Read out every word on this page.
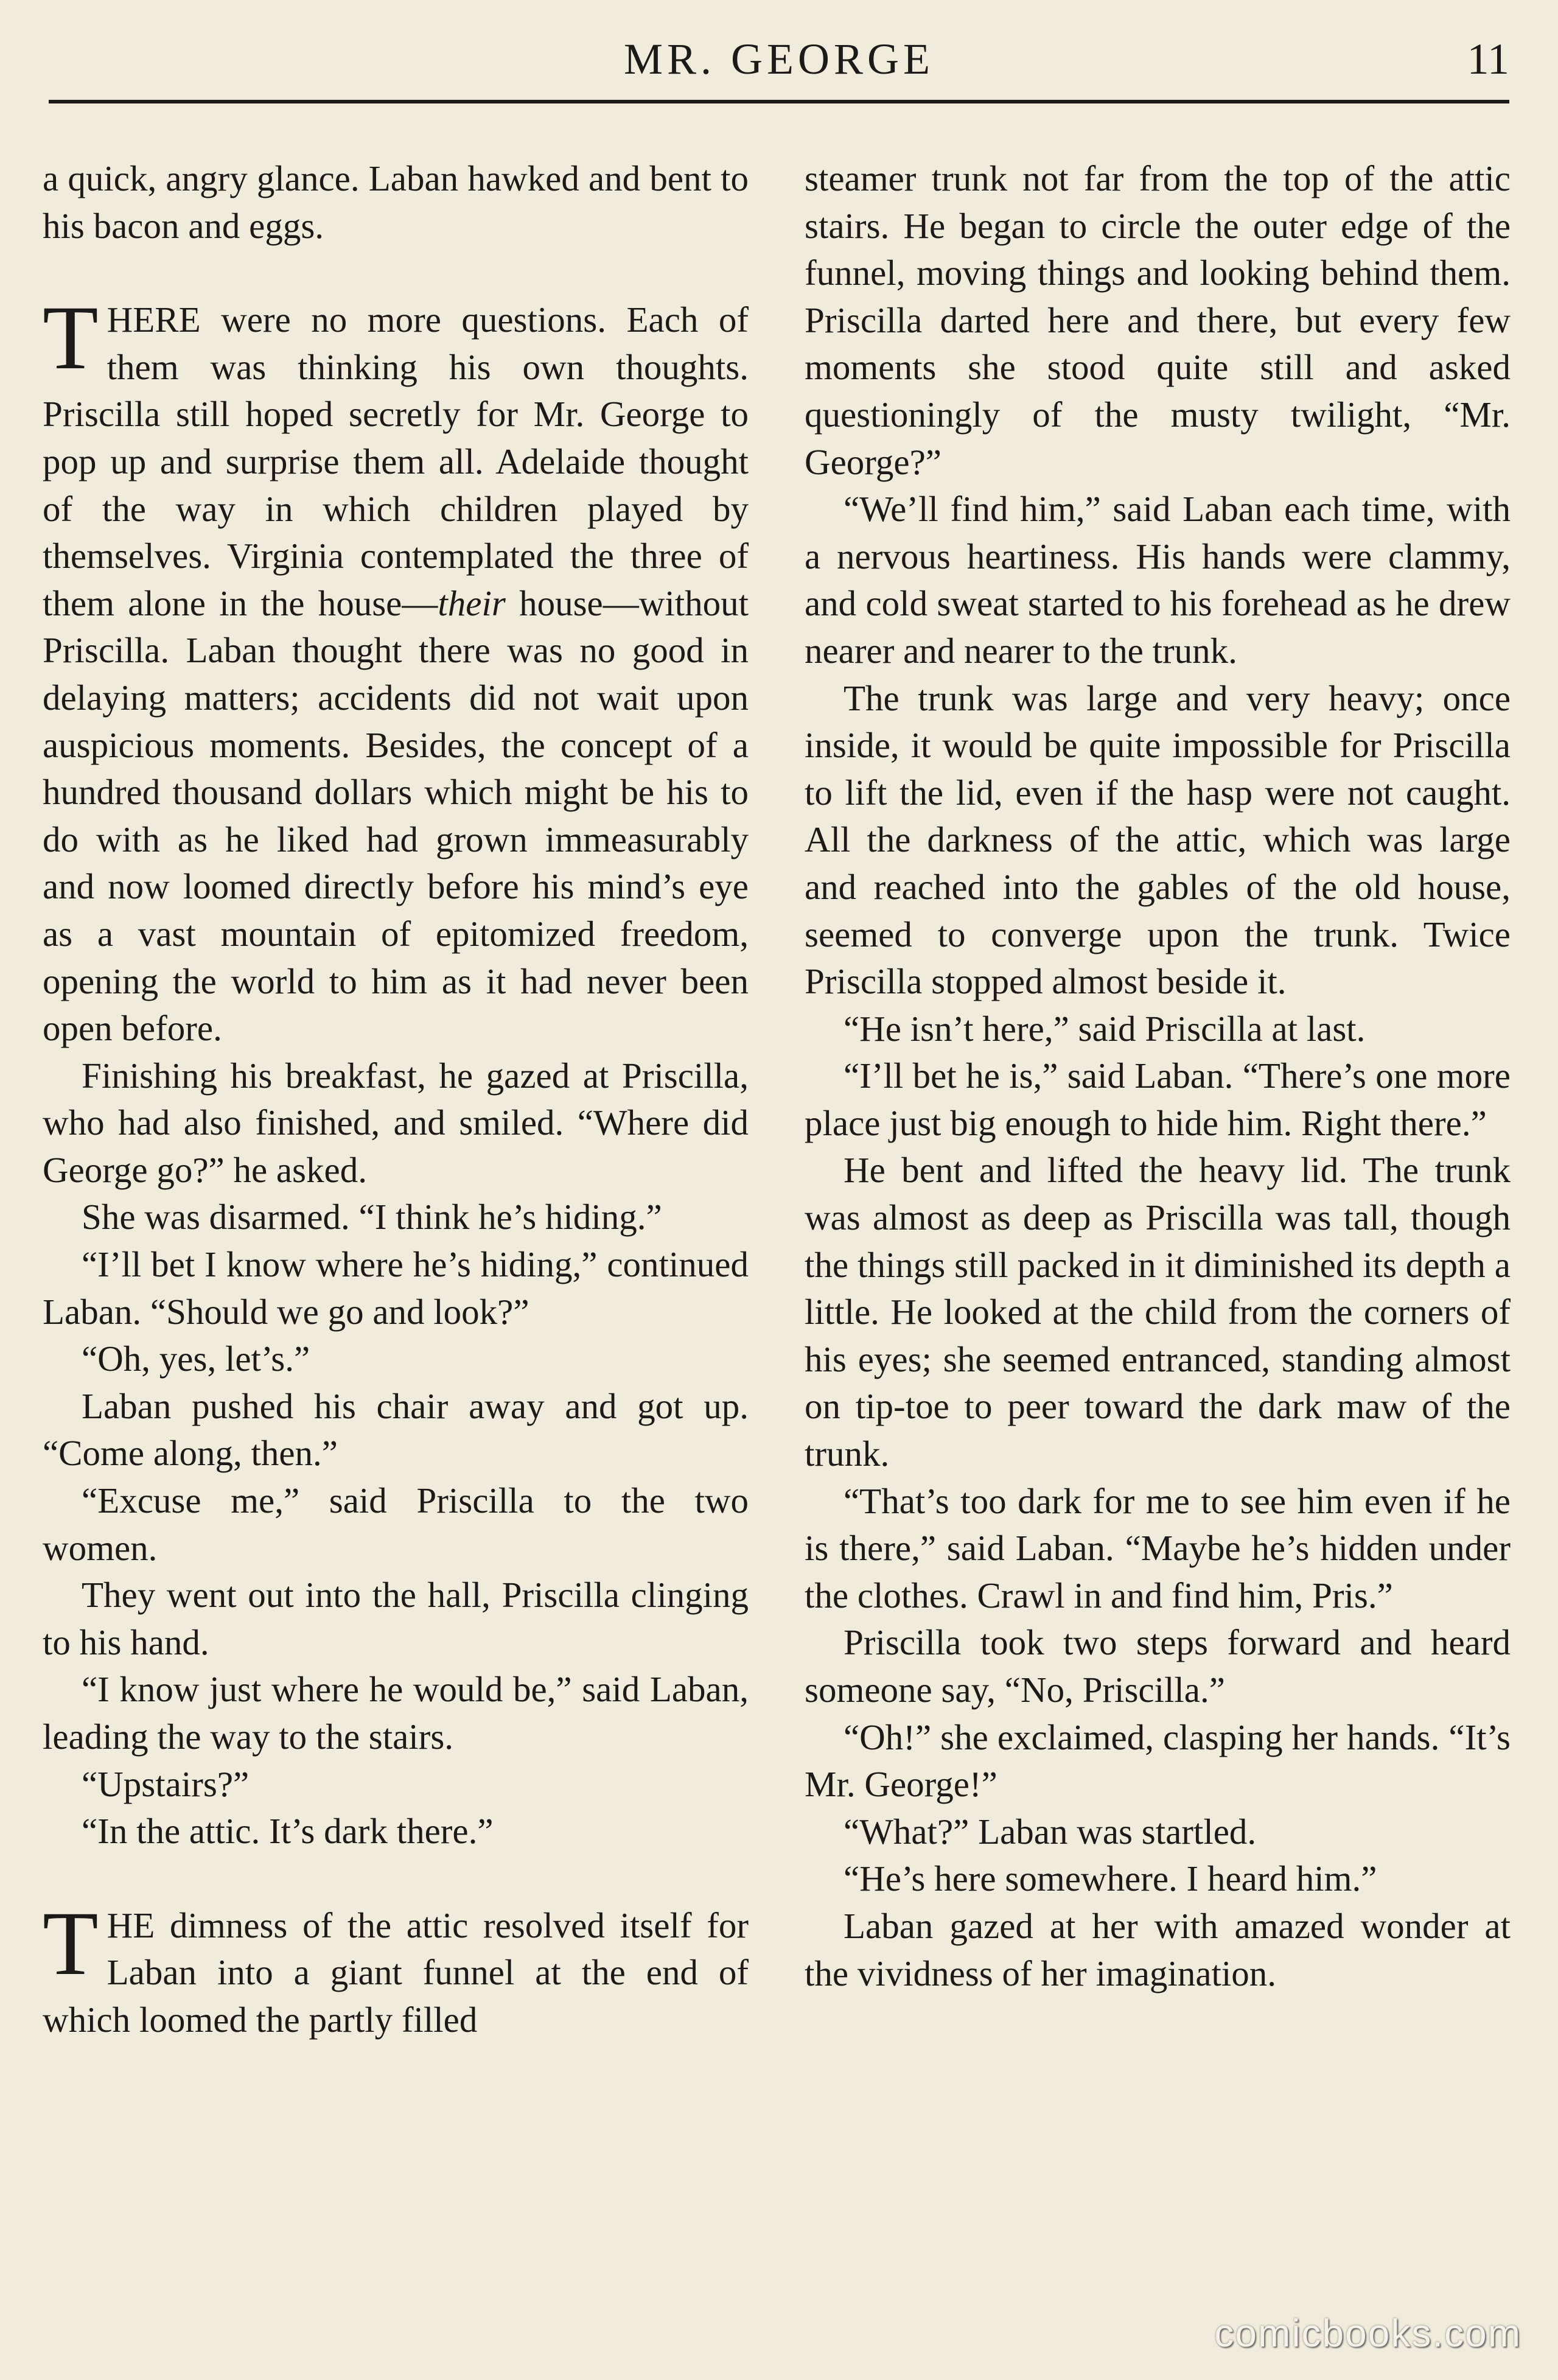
MR. GEORGE	11

a quick, angry glance. Laban hawked and bent to his bacon and eggs.

THERE were no more questions. Each of them was thinking his own thoughts. Priscilla still hoped secretly for Mr. George to pop up and surprise them all. Adelaide thought of the way in which children played by themselves. Virginia contemplated the three of them alone in the house—their house—without Priscilla. Laban thought there was no good in delaying matters; accidents did not wait upon auspicious moments. Besides, the concept of a hundred thousand dollars which might be his to do with as he liked had grown immeasurably and now loomed directly before his mind’s eye as a vast mountain of epitomized freedom, opening the world to him as it had never been open before.

Finishing his breakfast, he gazed at Priscilla, who had also finished, and smiled. “Where did George go?” he asked.

She was disarmed. “I think he’s hiding.”

“I’ll bet I know where he’s hiding,” continued Laban. “Should we go and look?”

“Oh, yes, let’s.”

Laban pushed his chair away and got up. “Come along, then.”

“Excuse me,” said Priscilla to the two women.

They went out into the hall, Priscilla clinging to his hand.

“I know just where he would be,” said Laban, leading the way to the stairs.

“Upstairs?”

“In the attic. It’s dark there.”

THE dimness of the attic resolved itself for Laban into a giant funnel at the end of which loomed the partly filled

steamer trunk not far from the top of the attic stairs. He began to circle the outer edge of the funnel, moving things and looking behind them. Priscilla darted here and there, but every few moments she stood quite still and asked questioningly of the musty twilight, “Mr. George?”

“We’ll find him,” said Laban each time, with a nervous heartiness. His hands were clammy, and cold sweat started to his forehead as he drew nearer and nearer to the trunk.

The trunk was large and very heavy; once inside, it would be quite impossible for Priscilla to lift the lid, even if the hasp were not caught. All the darkness of the attic, which was large and reached into the gables of the old house, seemed to converge upon the trunk. Twice Priscilla stopped almost beside it.

“He isn’t here,” said Priscilla at last.

“I’ll bet he is,” said Laban. “There’s one more place just big enough to hide him. Right there.”

He bent and lifted the heavy lid. The trunk was almost as deep as Priscilla was tall, though the things still packed in it diminished its depth a little. He looked at the child from the corners of his eyes; she seemed entranced, standing almost on tip-toe to peer toward the dark maw of the trunk.

“That’s too dark for me to see him even if he is there,” said Laban. “Maybe he’s hidden under the clothes. Crawl in and find him, Pris.”

Priscilla took two steps forward and heard someone say, “No, Priscilla.”

“Oh!” she exclaimed, clasping her hands. “It’s Mr. George!”

“What?” Laban was startled.

“He’s here somewhere. I heard him.”

Laban gazed at her with amazed wonder at the vividness of her imagination.

comicbooks.com
